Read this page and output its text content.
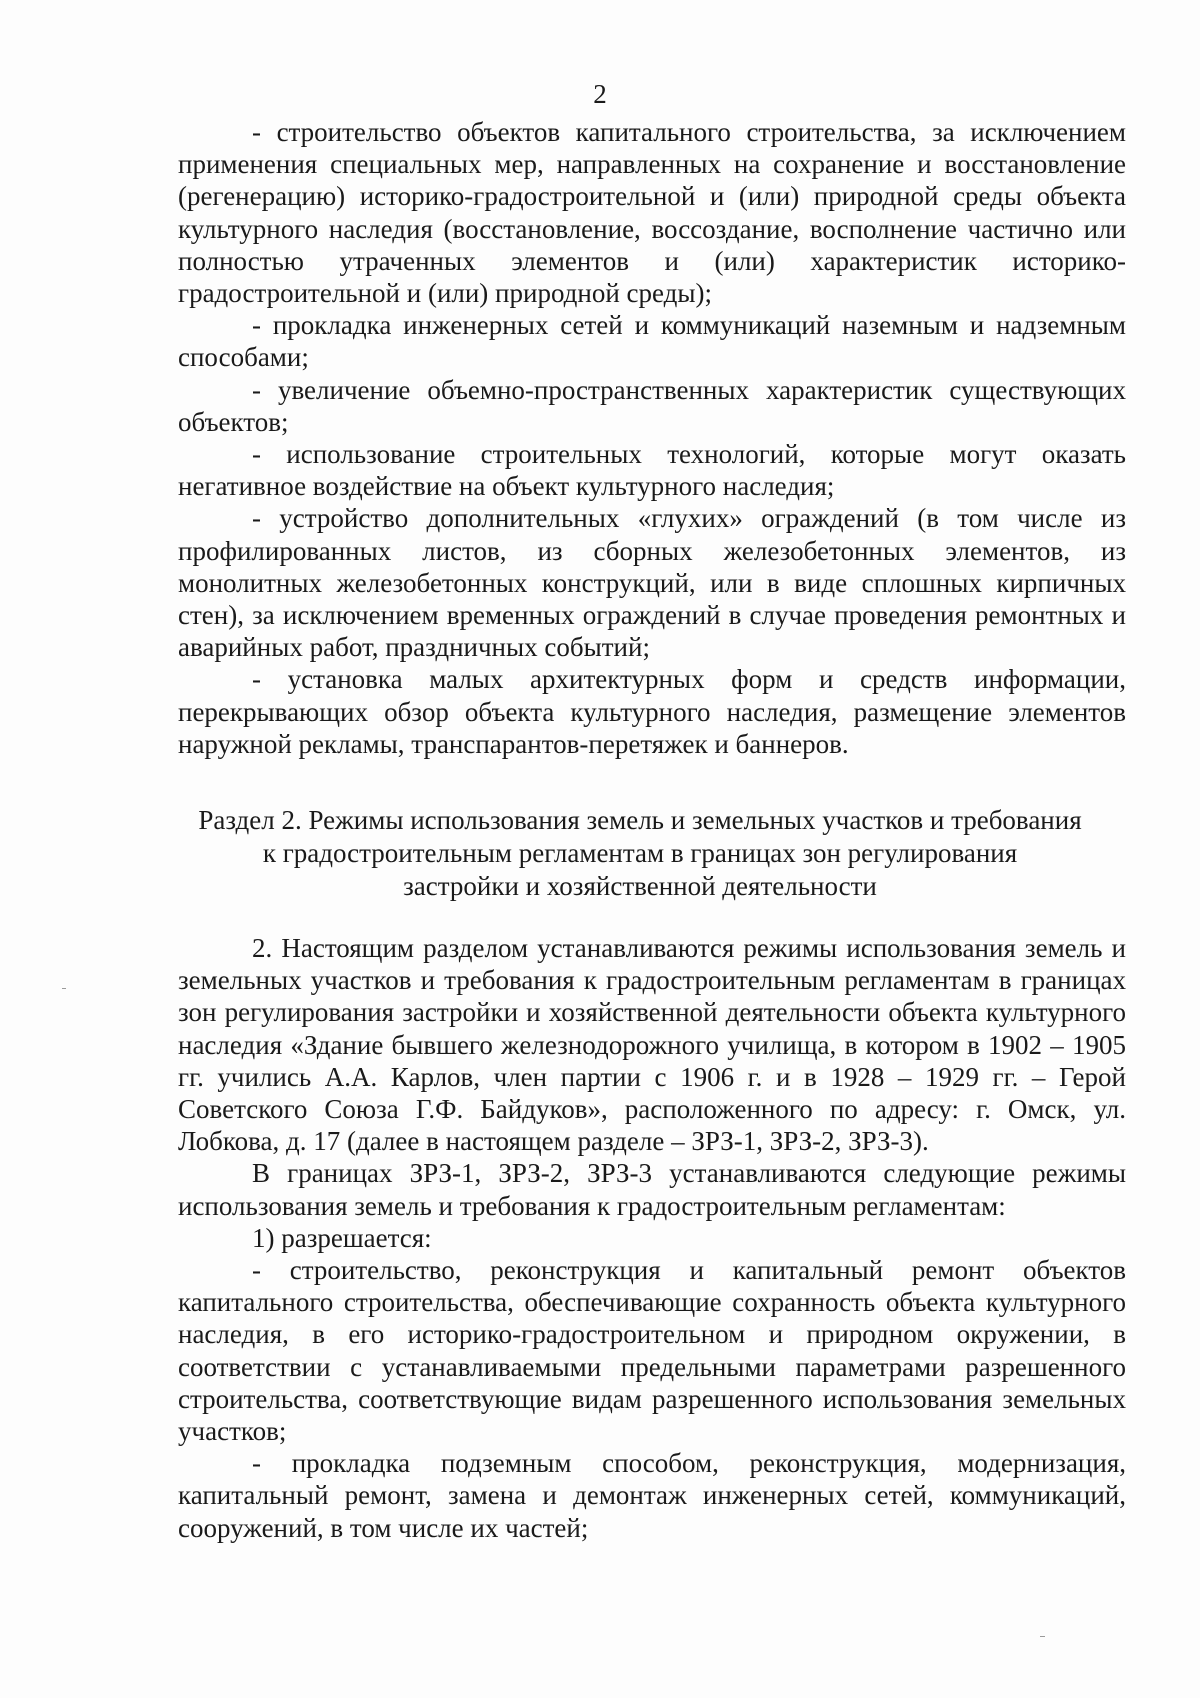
2

- строительство объектов капитального строительства, за исключением применения специальных мер, направленных на сохранение и восстановление (регенерацию) историко-градостроительной и (или) природной среды объекта культурного наследия (восстановление, воссоздание, восполнение частично или полностью утраченных элементов и (или) характеристик историко-градостроительной и (или) природной среды);

- прокладка инженерных сетей и коммуникаций наземным и надземным способами;

- увеличение объемно-пространственных характеристик существующих объектов;

- использование строительных технологий, которые могут оказать негативное воздействие на объект культурного наследия;

- устройство дополнительных «глухих» ограждений (в том числе из профилированных листов, из сборных железобетонных элементов, из монолитных железобетонных конструкций, или в виде сплошных кирпичных стен), за исключением временных ограждений в случае проведения ремонтных и аварийных работ, праздничных событий;

- установка малых архитектурных форм и средств информации, перекрывающих обзор объекта культурного наследия, размещение элементов наружной рекламы, транспарантов-перетяжек и баннеров.

Раздел 2. Режимы использования земель и земельных участков и требования
к градостроительным регламентам в границах зон регулирования
застройки и хозяйственной деятельности

2. Настоящим разделом устанавливаются режимы использования земель и земельных участков и требования к градостроительным регламентам в границах зон регулирования застройки и хозяйственной деятельности объекта культурного наследия «Здание бывшего железнодорожного училища, в котором в 1902 – 1905 гг. учились А.А. Карлов, член партии с 1906 г. и в 1928 – 1929 гг. – Герой Советского Союза Г.Ф. Байдуков», расположенного по адресу: г. Омск, ул. Лобкова, д. 17 (далее в настоящем разделе – ЗРЗ-1, ЗРЗ-2, ЗРЗ-3).

В границах ЗРЗ-1, ЗРЗ-2, ЗРЗ-3 устанавливаются следующие режимы использования земель и требования к градостроительным регламентам:

1) разрешается:

- строительство, реконструкция и капитальный ремонт объектов капитального строительства, обеспечивающие сохранность объекта культурного наследия, в его историко-градостроительном и природном окружении, в соответствии с устанавливаемыми предельными параметрами разрешенного строительства, соответствующие видам разрешенного использования земельных участков;

- прокладка подземным способом, реконструкция, модернизация, капитальный ремонт, замена и демонтаж инженерных сетей, коммуникаций, сооружений, в том числе их частей;
